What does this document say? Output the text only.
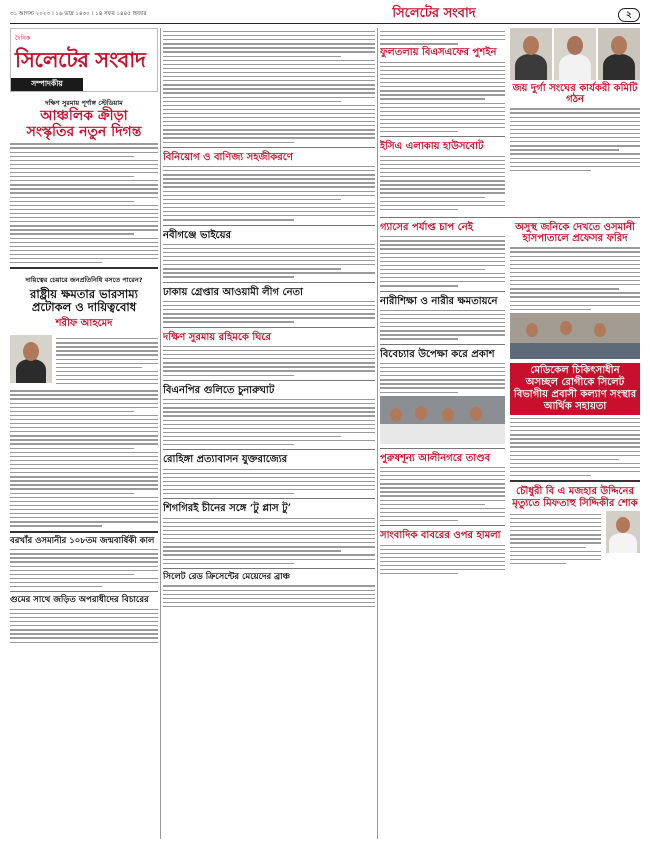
৩১ আগস্ট ২০২৩ । ১৬ ভাদ্র ১৪৩০ । ১৪ সফর ১৪৪৫ হিজরি	সিলেটের সংবাদ	২
দৈনিক
সিলেটের সংবাদ
সম্পাদকীয়
দক্ষিণ সুরমায় পূর্ণাঙ্গ স্টেডিয়াম
আঞ্চলিক ক্রীড়া
সংস্কৃতির নতুন দিগন্ত
দায়িত্বের চেয়ারে জনপ্রতিনিধি বসতে পারেন?
রাষ্ট্রীয় ক্ষমতার ভারসাম্য প্রটোকল ও দায়িত্ববোধ
শরীফ আহমেদ
বরখাঁর ওসমানীর ১০৮তম জন্মবার্ষিকী কাল
গুমের সাথে জড়িত অপরাধীদের বিচারের
বিনিয়োগ ও বাণিজ্য সহজীকরণে
নবীগঞ্জে ভাইয়ের
ঢাকায় গ্রেপ্তার আওয়ামী লীগ নেতা
দক্ষিণ সুরমায় রহিমকে ঘিরে
বিএনপির গুলিতে চুনারুঘাট
রোহিঙ্গা প্রত্যাবাসন যুক্তরাজ্যের
শিগগিরই চীনের সঙ্গে ‘টু প্লাস টু’
সিলেট রেড ক্রিসেন্টের মেয়েদের ব্রাঞ্চ
ফুলতলায় বিএসএফের পুশইন
ইসিএ এলাকায় হাউসবোট
জয় দুর্গা সংঘের কার্যকরী কমিটি গঠন
গ্যাসের পর্যাপ্ত চাপ নেই
নারীশিক্ষা ও নারীর ক্ষমতায়নে
বিবেচ্যার উপেক্ষা করে প্রকাশ
পুরুষশূন্য আলীনগরে তাণ্ডব
সাংবাদিক বাবরের ওপর হামলা
অসুস্থ জনিকে দেখতে ওসমানী হাসপাতালে প্রফেসর ফরিদ
মেডিকেল চিকিৎসাধীন অসচ্ছল রোগীকে সিলেট বিভাগীয় প্রবাসী কল্যাণ সংস্থার আর্থিক সহায়তা
চৌধুরী বি এ মজহার উদ্দিনের মৃত্যুতে মিফতাহু সিদ্দিকীর শোক
